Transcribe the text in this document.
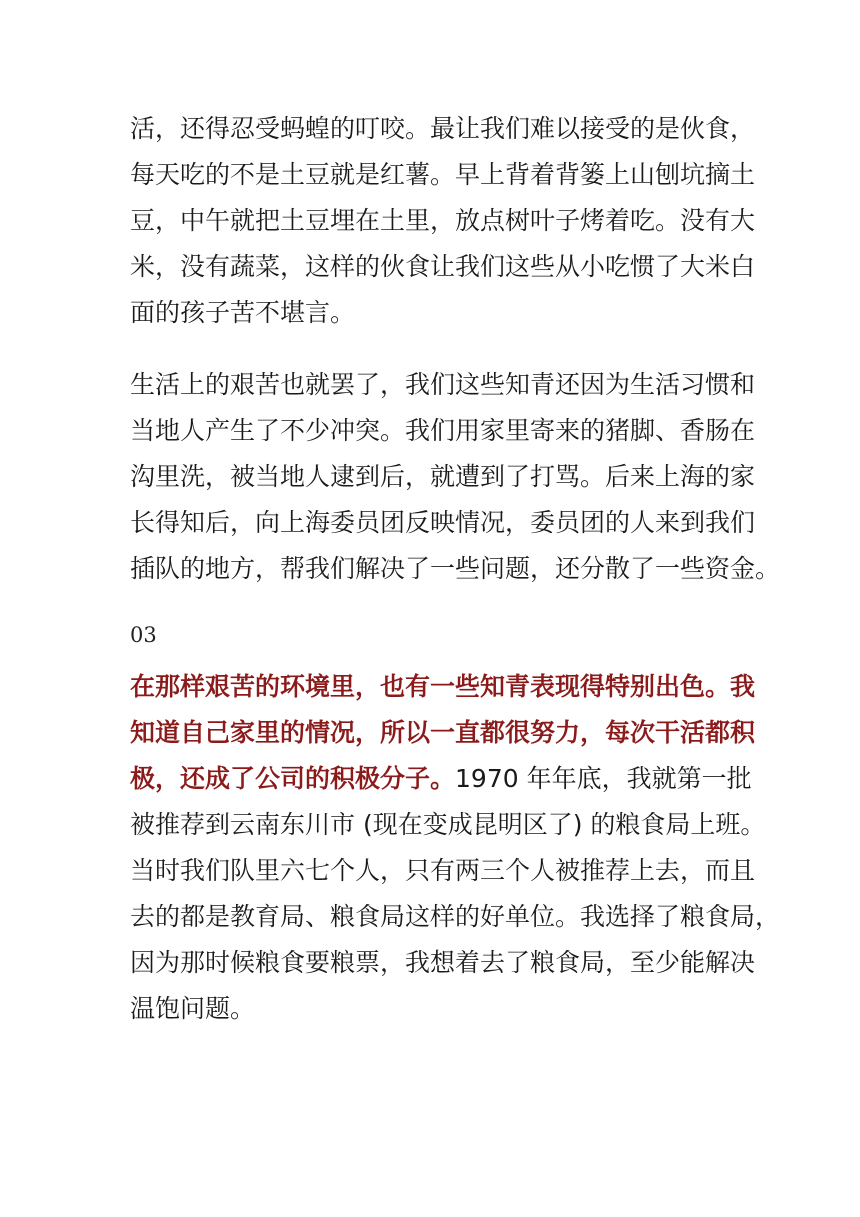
活，还得忍受蚂蝗的叮咬。最让我们难以接受的是伙食，
每天吃的不是土豆就是红薯。早上背着背篓上山刨坑摘土
豆，中午就把土豆埋在土里，放点树叶子烤着吃。没有大
米，没有蔬菜，这样的伙食让我们这些从小吃惯了大米白
面的孩子苦不堪言。

生活上的艰苦也就罢了，我们这些知青还因为生活习惯和
当地人产生了不少冲突。我们用家里寄来的猪脚、香肠在
沟里洗，被当地人逮到后，就遭到了打骂。后来上海的家
长得知后，向上海委员团反映情况，委员团的人来到我们
插队的地方，帮我们解决了一些问题，还分散了一些资金。

03

在那样艰苦的环境里，也有一些知青表现得特别出色。我
知道自己家里的情况，所以一直都很努力，每次干活都积
极，还成了公司的积极分子。1970 年年底，我就第一批
被推荐到云南东川市 (现在变成昆明区了) 的粮食局上班。
当时我们队里六七个人，只有两三个人被推荐上去，而且
去的都是教育局、粮食局这样的好单位。我选择了粮食局，
因为那时候粮食要粮票，我想着去了粮食局，至少能解决
温饱问题。
